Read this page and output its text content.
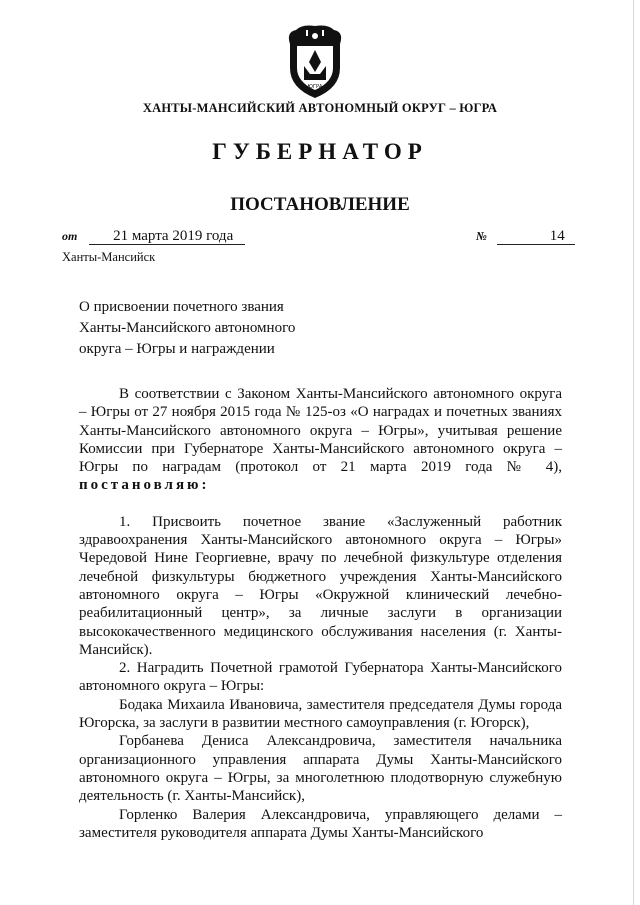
ЮГРА
ХАНТЫ-МАНСИЙСКИЙ АВТОНОМНЫЙ ОКРУГ – ЮГРА
ГУБЕРНАТОР
ПОСТАНОВЛЕНИЕ
от 21 марта 2019 года	№	14
Ханты-Мансийск
О присвоении почетного звания
Ханты-Мансийского автономного
округа – Югры и награждении

В соответствии с Законом Ханты-Мансийского автономного округа – Югры от 27 ноября 2015 года № 125-оз «О наградах и почетных званиях Ханты-Мансийского автономного округа – Югры», учитывая решение Комиссии при Губернаторе Ханты-Мансийского автономного округа – Югры по наградам (протокол от 21 марта 2019 года № 4), постановляю:

1. Присвоить почетное звание «Заслуженный работник здравоохранения Ханты-Мансийского автономного округа – Югры» Чередовой Нине Георгиевне, врачу по лечебной физкультуре отделения лечебной физкультуры бюджетного учреждения Ханты-Мансийского автономного округа – Югры «Окружной клинический лечебно-реабилитационный центр», за личные заслуги в организации высококачественного медицинского обслуживания населения (г. Ханты-Мансийск).

2. Наградить Почетной грамотой Губернатора Ханты-Мансийского автономного округа – Югры:

Бодака Михаила Ивановича, заместителя председателя Думы города Югорска, за заслуги в развитии местного самоуправления (г. Югорск),

Горбанева Дениса Александровича, заместителя начальника организационного управления аппарата Думы Ханты-Мансийского автономного округа – Югры, за многолетнюю плодотворную служебную деятельность (г. Ханты-Мансийск),

Горленко Валерия Александровича, управляющего делами – заместителя руководителя аппарата Думы Ханты-Мансийского
